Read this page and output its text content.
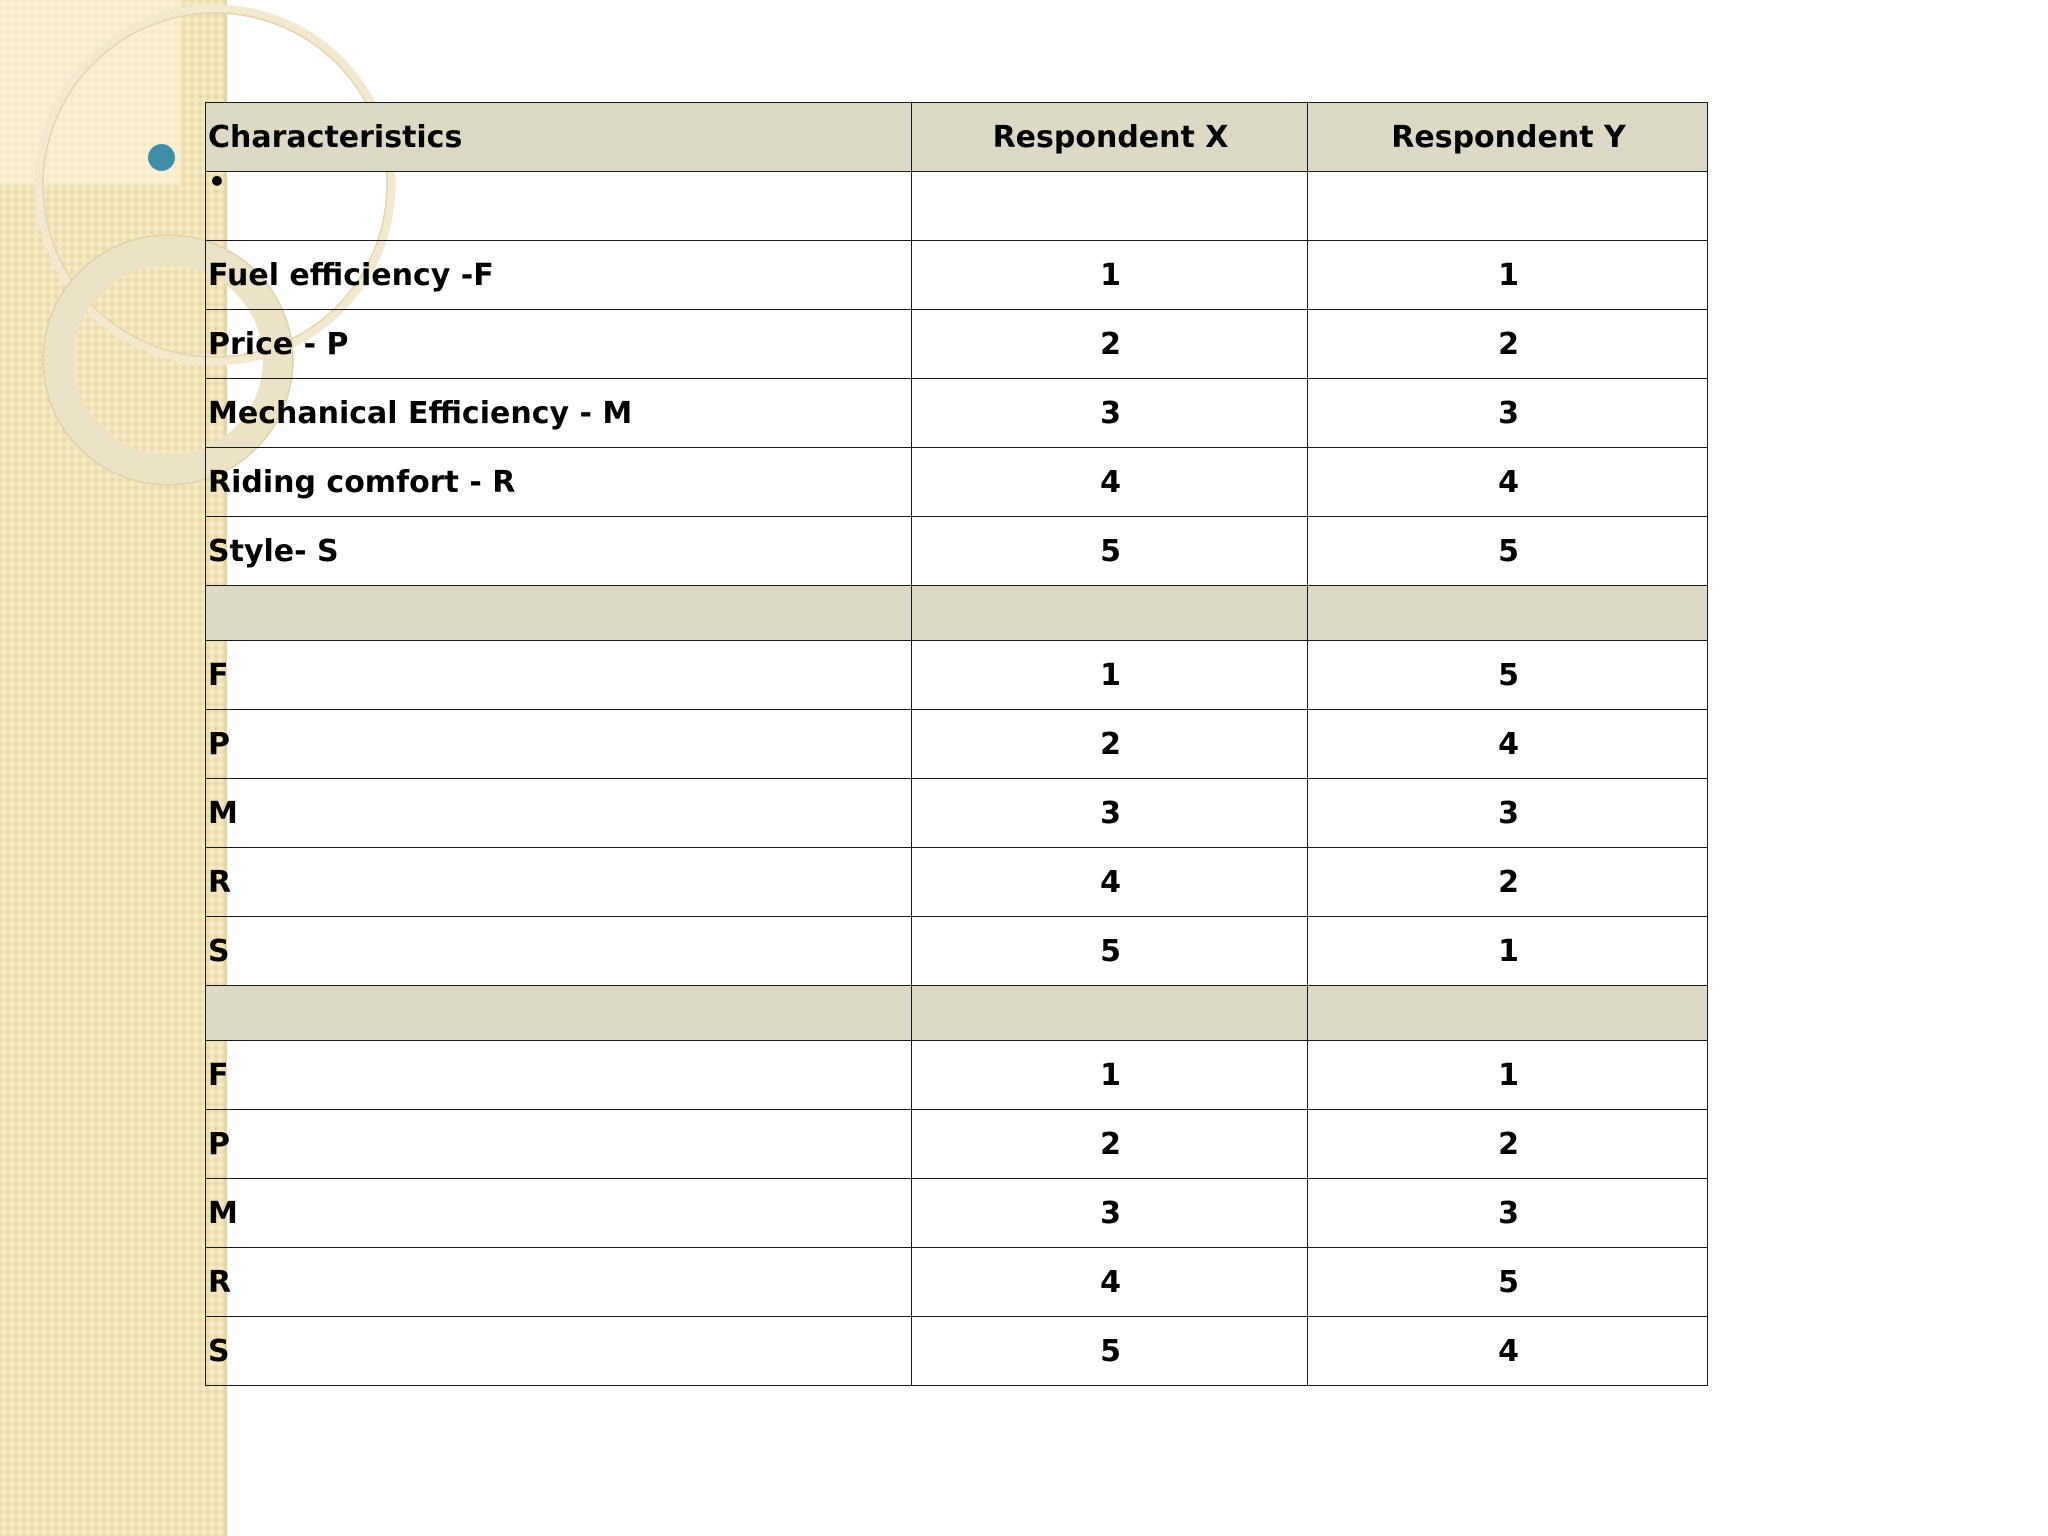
Characteristics	Respondent X	Respondent Y

•		

Fuel efficiency -F	1	1
Price - P	2	2
Mechanical Efficiency - M	3	3
Riding comfort - R	4	4
Style- S	5	5

F	1	5
P	2	4
M	3	3
R	4	2
S	5	1

F	1	1
P	2	2
M	3	3
R	4	5
S	5	4
